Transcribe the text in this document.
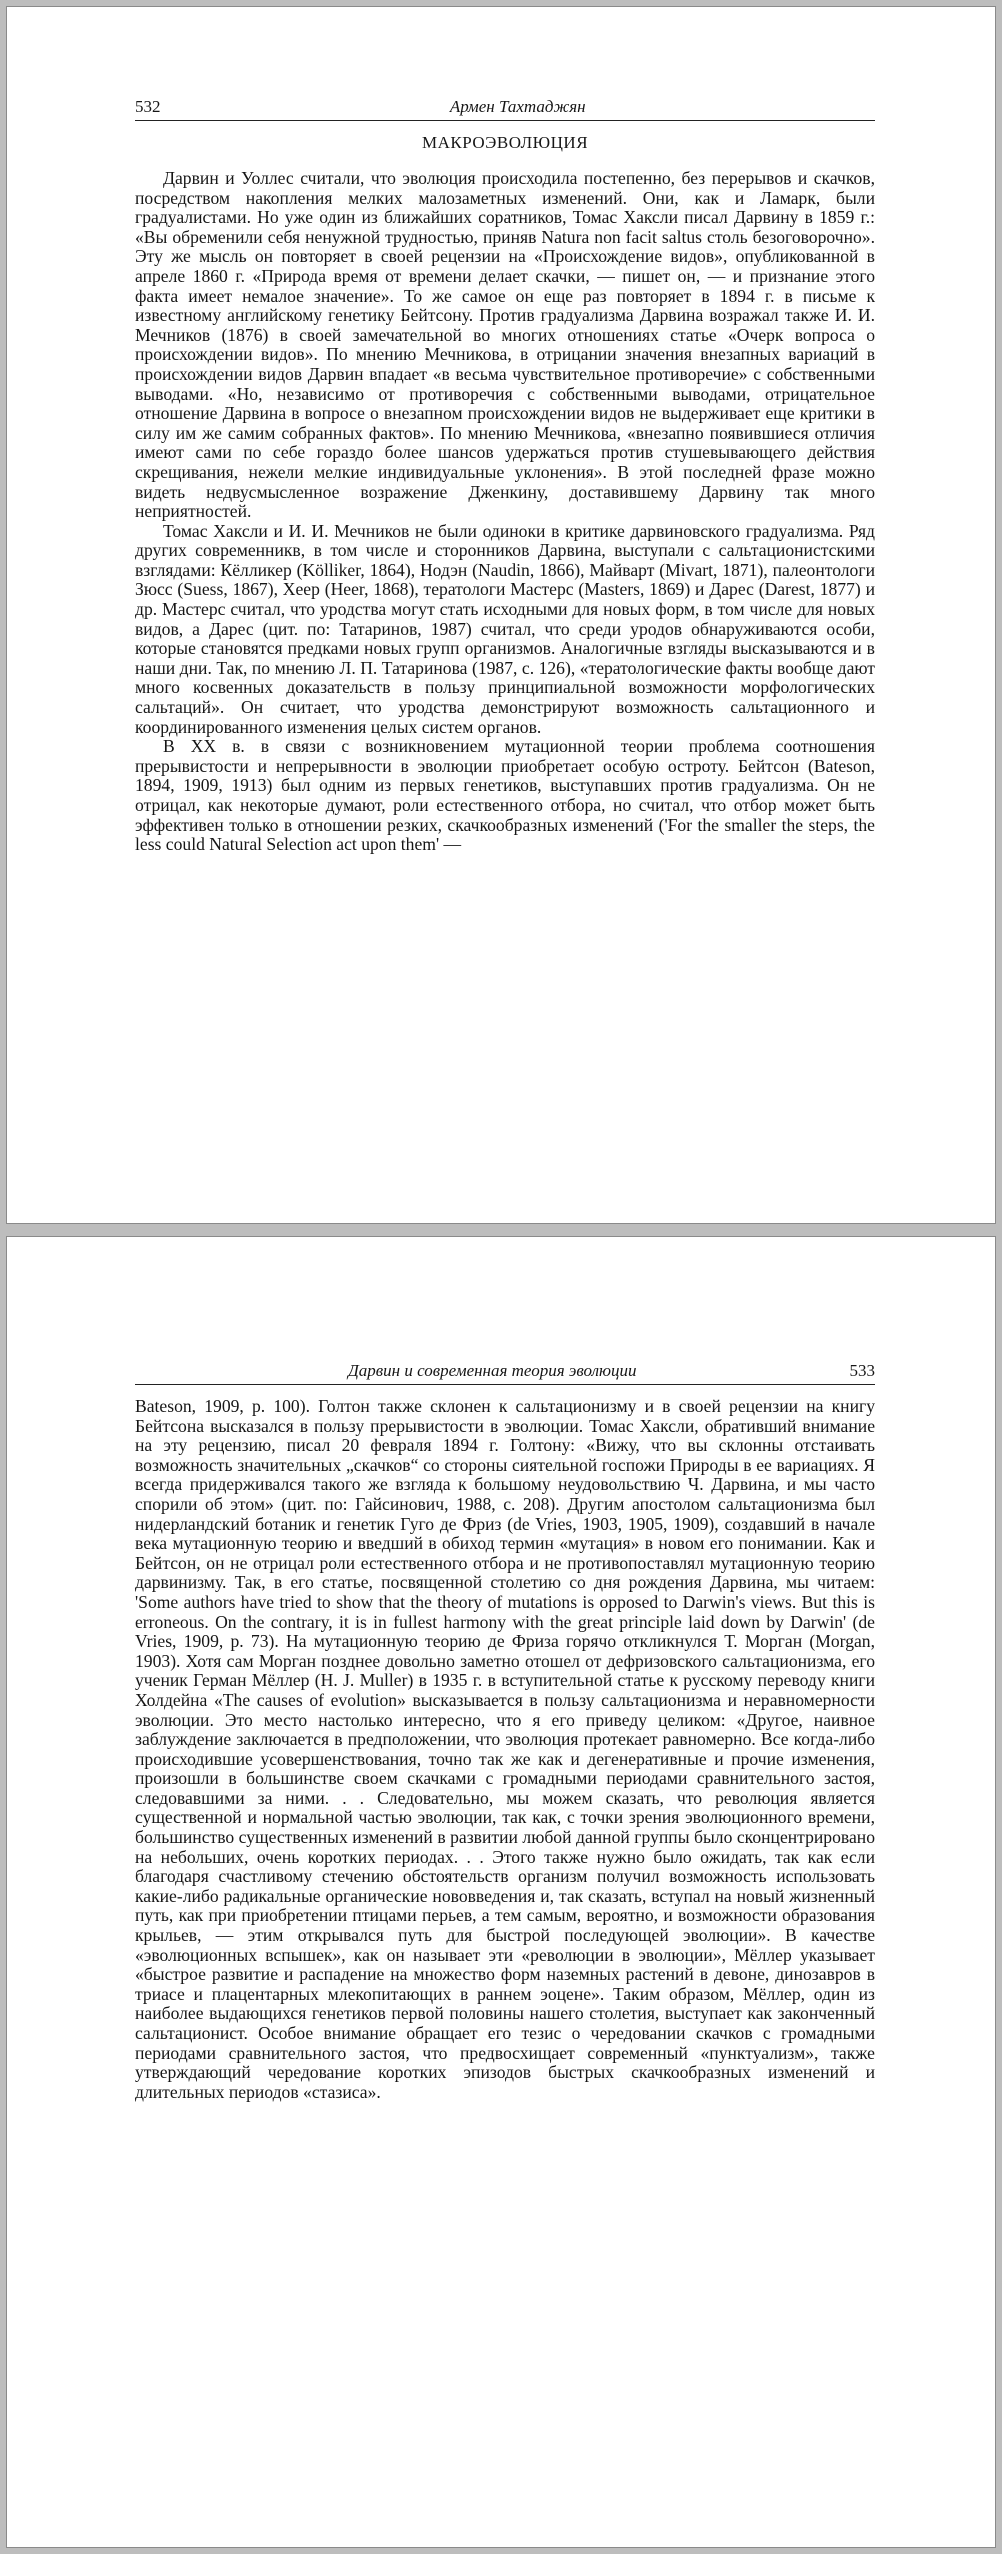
532	Армен Тахтаджян
МАКРОЭВОЛЮЦИЯ

Дарвин и Уоллес считали, что эволюция происходила постепенно, без перерывов и скачков, посредством накопления мелких малозаметных изменений. Они, как и Ламарк, были градуалистами. Но уже один из ближайших соратников, Томас Хаксли писал Дарвину в 1859 г.: «Вы обременили себя ненужной трудностью, приняв Natura non facit saltus столь безоговорочно». Эту же мысль он повторяет в своей рецензии на «Происхождение видов», опубликованной в апреле 1860 г. «Природа время от времени делает скачки, — пишет он, — и признание этого факта имеет немалое значение». То же самое он еще раз повторяет в 1894 г. в письме к известному английскому генетику Бейтсону. Против градуализма Дарвина возражал также И. И. Мечников (1876) в своей замечательной во многих отношениях статье «Очерк вопроса о происхождении видов». По мнению Мечникова, в отрицании значения внезапных вариаций в происхождении видов Дарвин впадает «в весьма чувствительное противоречие» с собственными выводами. «Но, независимо от противоречия с собственными выводами, отрицательное отношение Дарвина в вопросе о внезапном происхождении видов не выдерживает еще критики в силу им же самим собранных фактов». По мнению Мечникова, «внезапно появившиеся отличия имеют сами по себе гораздо более шансов удержаться против стушевывающего действия скрещивания, нежели мелкие индивидуальные уклонения». В этой последней фразе можно видеть недвусмысленное возражение Дженкину, доставившему Дарвину так много неприятностей.

Томас Хаксли и И. И. Мечников не были одиноки в критике дарвиновского градуализма. Ряд других современникв, в том числе и сторонников Дарвина, выступали с сальтационистскими взглядами: Кёлликер (Kölliker, 1864), Нодэн (Naudin, 1866), Майварт (Mivart, 1871), палеонтологи Зюсс (Suess, 1867), Хеер (Heer, 1868), тератологи Мастерс (Masters, 1869) и Дарес (Darest, 1877) и др. Мастерс считал, что уродства могут стать исходными для новых форм, в том числе для новых видов, а Дарес (цит. по: Татаринов, 1987) считал, что среди уродов обнаруживаются особи, которые становятся предками новых групп организмов. Аналогичные взгляды высказываются и в наши дни. Так, по мнению Л. П. Татаринова (1987, с. 126), «тератологические факты вообще дают много косвенных доказательств в пользу принципиальной возможности морфологических сальтаций». Он считает, что уродства демонстрируют возможность сальтационного и координированного изменения целых систем органов.

В XX в. в связи с возникновением мутационной теории проблема соотношения прерывистости и непрерывности в эволюции приобретает особую остроту. Бейтсон (Bateson, 1894, 1909, 1913) был одним из первых генетиков, выступавших против градуализма. Он не отрицал, как некоторые думают, роли естественного отбора, но считал, что отбор может быть эффективен только в отношении резких, скачкообразных изменений ('For the smaller the steps, the less could Natural Selection act upon them' —

Дарвин и современная теория эволюции	533

Bateson, 1909, p. 100). Голтон также склонен к сальтационизму и в своей рецензии на книгу Бейтсона высказался в пользу прерывистости в эволюции. Томас Хаксли, обративший внимание на эту рецензию, писал 20 февраля 1894 г. Голтону: «Вижу, что вы склонны отстаивать возможность значительных „скачков“ со стороны сиятельной госпожи Природы в ее вариациях. Я всегда придерживался такого же взгляда к большому неудовольствию Ч. Дарвина, и мы часто спорили об этом» (цит. по: Гайсинович, 1988, с. 208). Другим апостолом сальтационизма был нидерландский ботаник и генетик Гуго де Фриз (de Vries, 1903, 1905, 1909), создавший в начале века мутационную теорию и введший в обиход термин «мутация» в новом его понимании. Как и Бейтсон, он не отрицал роли естественного отбора и не противопоставлял мутационную теорию дарвинизму. Так, в его статье, посвященной столетию со дня рождения Дарвина, мы читаем: 'Some authors have tried to show that the theory of mutations is opposed to Darwin's views. But this is erroneous. On the contrary, it is in fullest harmony with the great principle laid down by Darwin' (de Vries, 1909, p. 73). На мутационную теорию де Фриза горячо откликнулся Т. Морган (Morgan, 1903). Хотя сам Морган позднее довольно заметно отошел от дефризовского сальтационизма, его ученик Герман Мёллер (H. J. Muller) в 1935 г. в вступительной статье к русскому переводу книги Холдейна «The causes of evolution» высказывается в пользу сальтационизма и неравномерности эволюции. Это место настолько интересно, что я его приведу целиком: «Другое, наивное заблуждение заключается в предположении, что эволюция протекает равномерно. Все когда-либо происходившие усовершенствования, точно так же как и дегенеративные и прочие изменения, произошли в большинстве своем скачками с громадными периодами сравнительного застоя, следовавшими за ними. . . Следовательно, мы можем сказать, что революция является существенной и нормальной частью эволюции, так как, с точки зрения эволюционного времени, большинство существенных изменений в развитии любой данной группы было сконцентрировано на небольших, очень коротких периодах. . . Этого также нужно было ожидать, так как если благодаря счастливому стечению обстоятельств организм получил возможность использовать какие-либо радикальные органические нововведения и, так сказать, вступал на новый жизненный путь, как при приобретении птицами перьев, а тем самым, вероятно, и возможности образования крыльев, — этим открывался путь для быстрой последующей эволюции». В качестве «эволюционных вспышек», как он называет эти «революции в эволюции», Мёллер указывает «быстрое развитие и распадение на множество форм наземных растений в девоне, динозавров в триасе и плацентарных млекопитающих в раннем эоцене». Таким образом, Мёллер, один из наиболее выдающихся генетиков первой половины нашего столетия, выступает как законченный сальтационист. Особое внимание обращает его тезис о чередовании скачков с громадными периодами сравнительного застоя, что предвосхищает современный «пунктуализм», также утверждающий чередование коротких эпизодов быстрых скачкообразных изменений и длительных периодов «стазиса».
